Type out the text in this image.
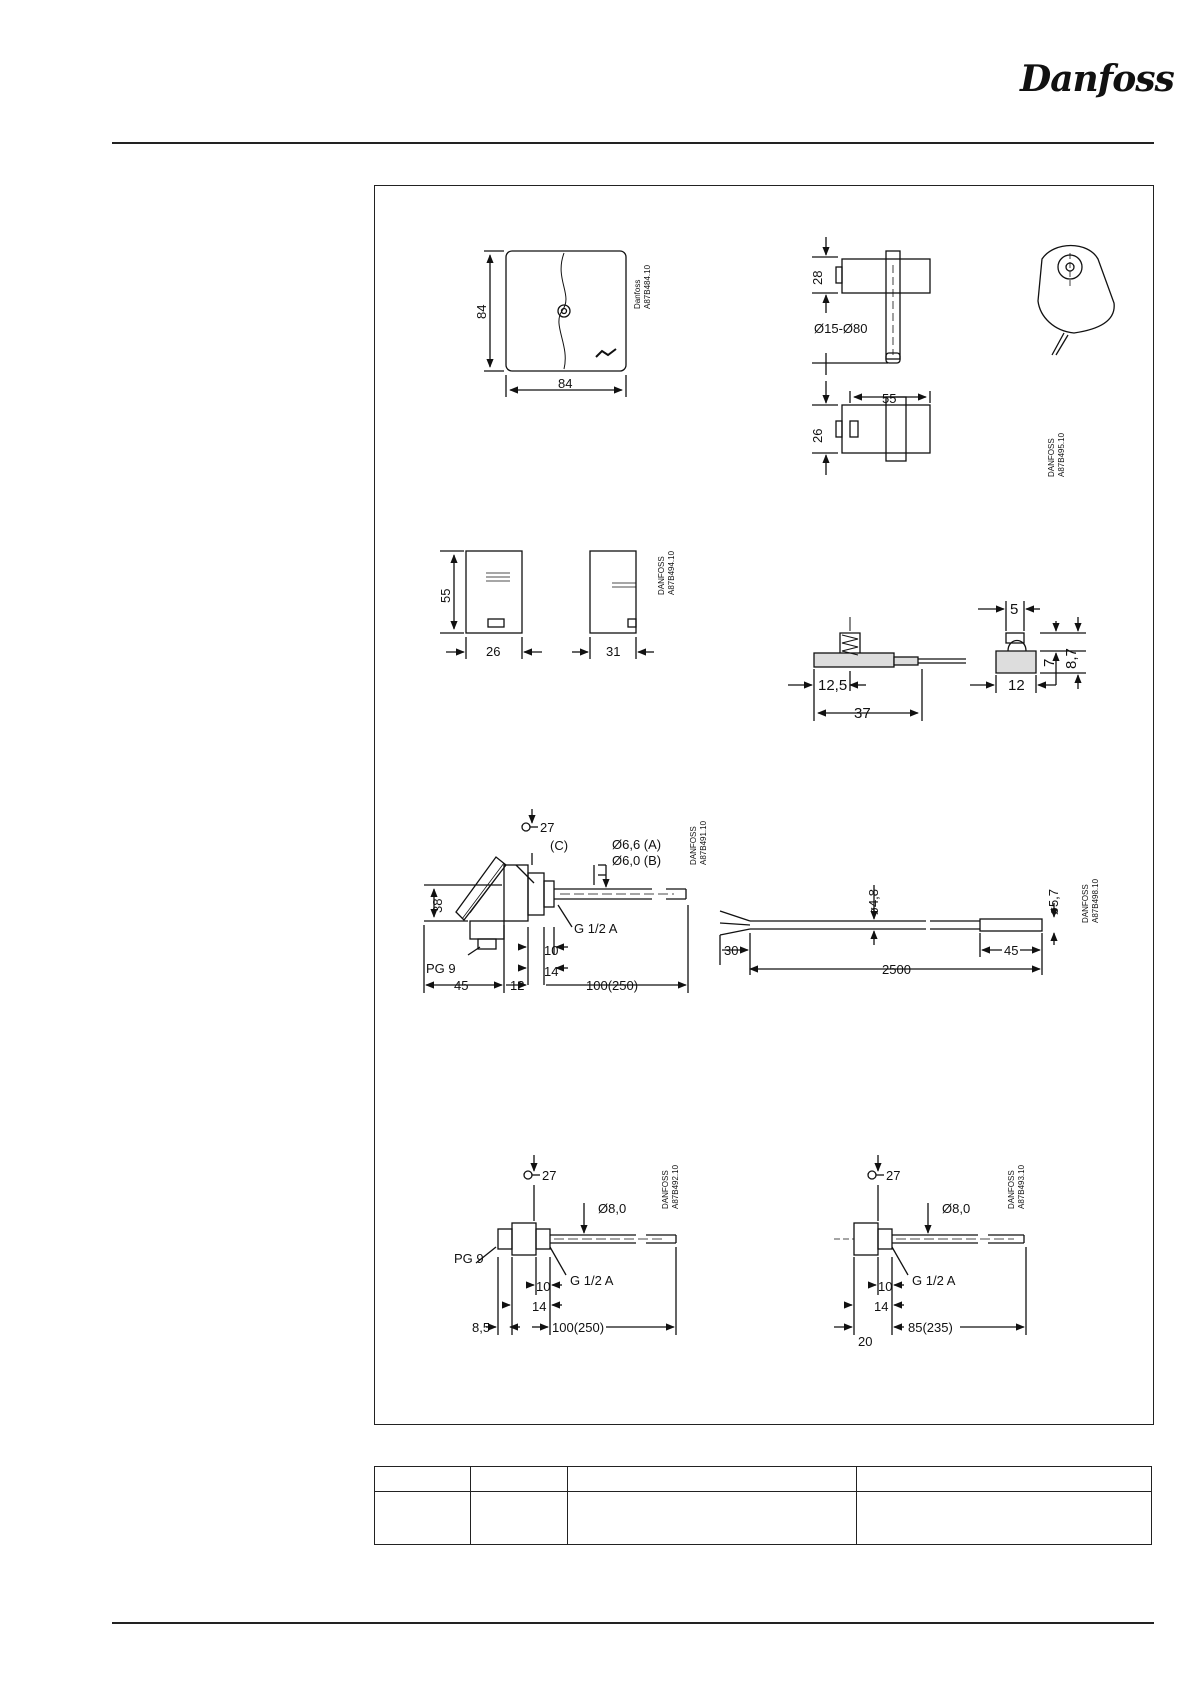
Danfoss
84
84
Danfoss A87B484.10	28
Ø15-Ø80
55
26
DANFOSS A87B495.10
55
26	31
DANFOSS A87B494.10
12,5
37
5
12
7 8,7
27
(C)	Ø6,6 (A)
Ø6,0 (B)
G 1/2 A
38
PG 9
10
14
45	12	100(250)
DANFOSS A87B491.10
ø4,8	ø5,7
30
2500
45
DANFOSS A87B498.10
27
Ø8,0
PG 9
G 1/2 A
10
14
8,5	100(250)
DANFOSS A87B492.10	27
Ø8,0
G 1/2 A
10
14
20
85(235)
DANFOSS A87B493.10
